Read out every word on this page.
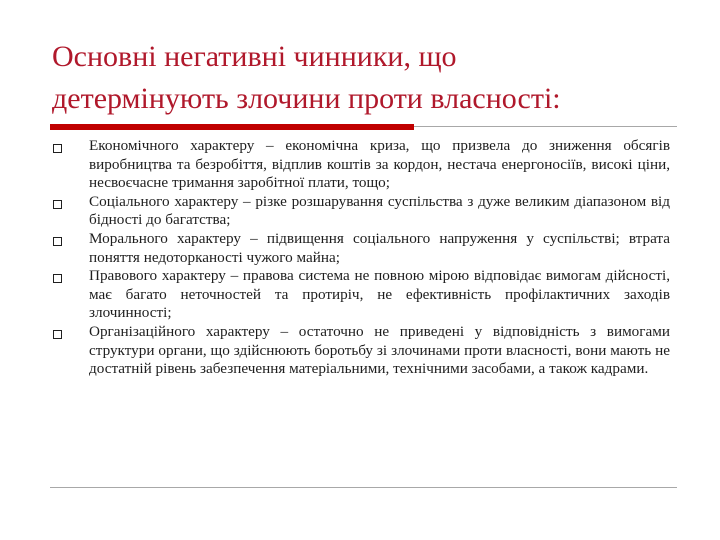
Основні негативні чинники, що
детермінують злочини проти власності:
Економічного характеру – економічна криза, що призвела до зниження обсягів виробництва та безробіття, відплив коштів за кордон, нестача енергоносіїв, високі ціни, несвоєчасне тримання заробітної плати, тощо;
Соціального характеру – різке розшарування суспільства з дуже великим діапазоном від бідності до багатства;
Морального характеру – підвищення соціального напруження у суспільстві; втрата поняття недоторканості чужого майна;
Правового характеру – правова система не повною мірою відповідає вимогам дійсності, має багато неточностей та протиріч, не ефективність профілактичних заходів злочинності;
Організаційного характеру – остаточно не приведені у відповідність з вимогами структури органи, що здійснюють боротьбу зі злочинами проти власності, вони мають не достатній рівень забезпечення матеріальними, технічними засобами, а також кадрами.
